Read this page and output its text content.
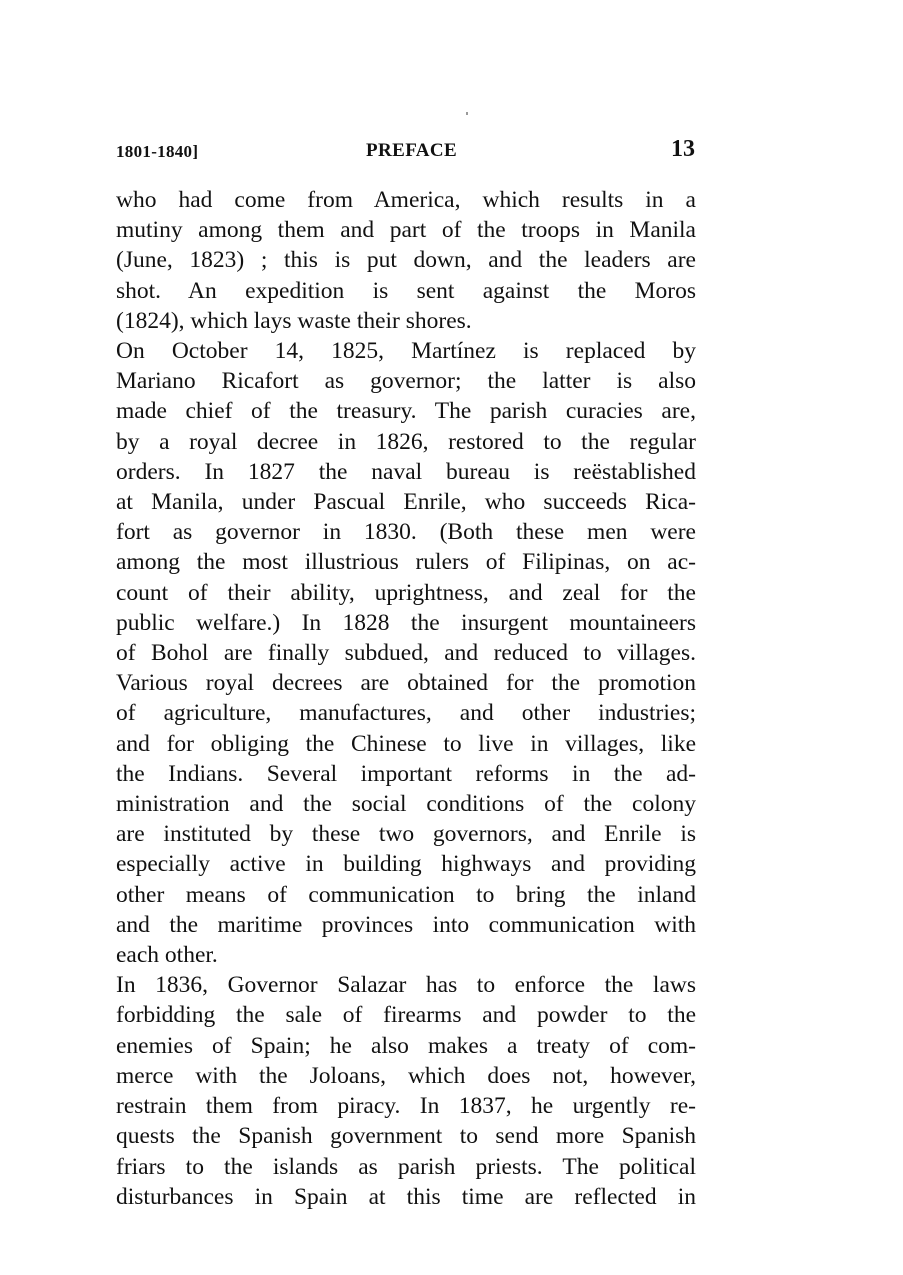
1801-1840]	PREFACE	13
who had come from America, which results in a
mutiny among them and part of the troops in Manila
(June, 1823) ; this is put down, and the leaders are
shot. An expedition is sent against the Moros
(1824), which lays waste their shores.
On October 14, 1825, Martínez is replaced by
Mariano Ricafort as governor; the latter is also
made chief of the treasury. The parish curacies are,
by a royal decree in 1826, restored to the regular
orders. In 1827 the naval bureau is reëstablished
at Manila, under Pascual Enrile, who succeeds Rica-
fort as governor in 1830. (Both these men were
among the most illustrious rulers of Filipinas, on ac-
count of their ability, uprightness, and zeal for the
public welfare.) In 1828 the insurgent mountaineers
of Bohol are finally subdued, and reduced to villages.
Various royal decrees are obtained for the promotion
of agriculture, manufactures, and other industries;
and for obliging the Chinese to live in villages, like
the Indians. Several important reforms in the ad-
ministration and the social conditions of the colony
are instituted by these two governors, and Enrile is
especially active in building highways and providing
other means of communication to bring the inland
and the maritime provinces into communication with
each other.
In 1836, Governor Salazar has to enforce the laws
forbidding the sale of firearms and powder to the
enemies of Spain; he also makes a treaty of com-
merce with the Joloans, which does not, however,
restrain them from piracy. In 1837, he urgently re-
quests the Spanish government to send more Spanish
friars to the islands as parish priests. The political
disturbances in Spain at this time are reflected in
